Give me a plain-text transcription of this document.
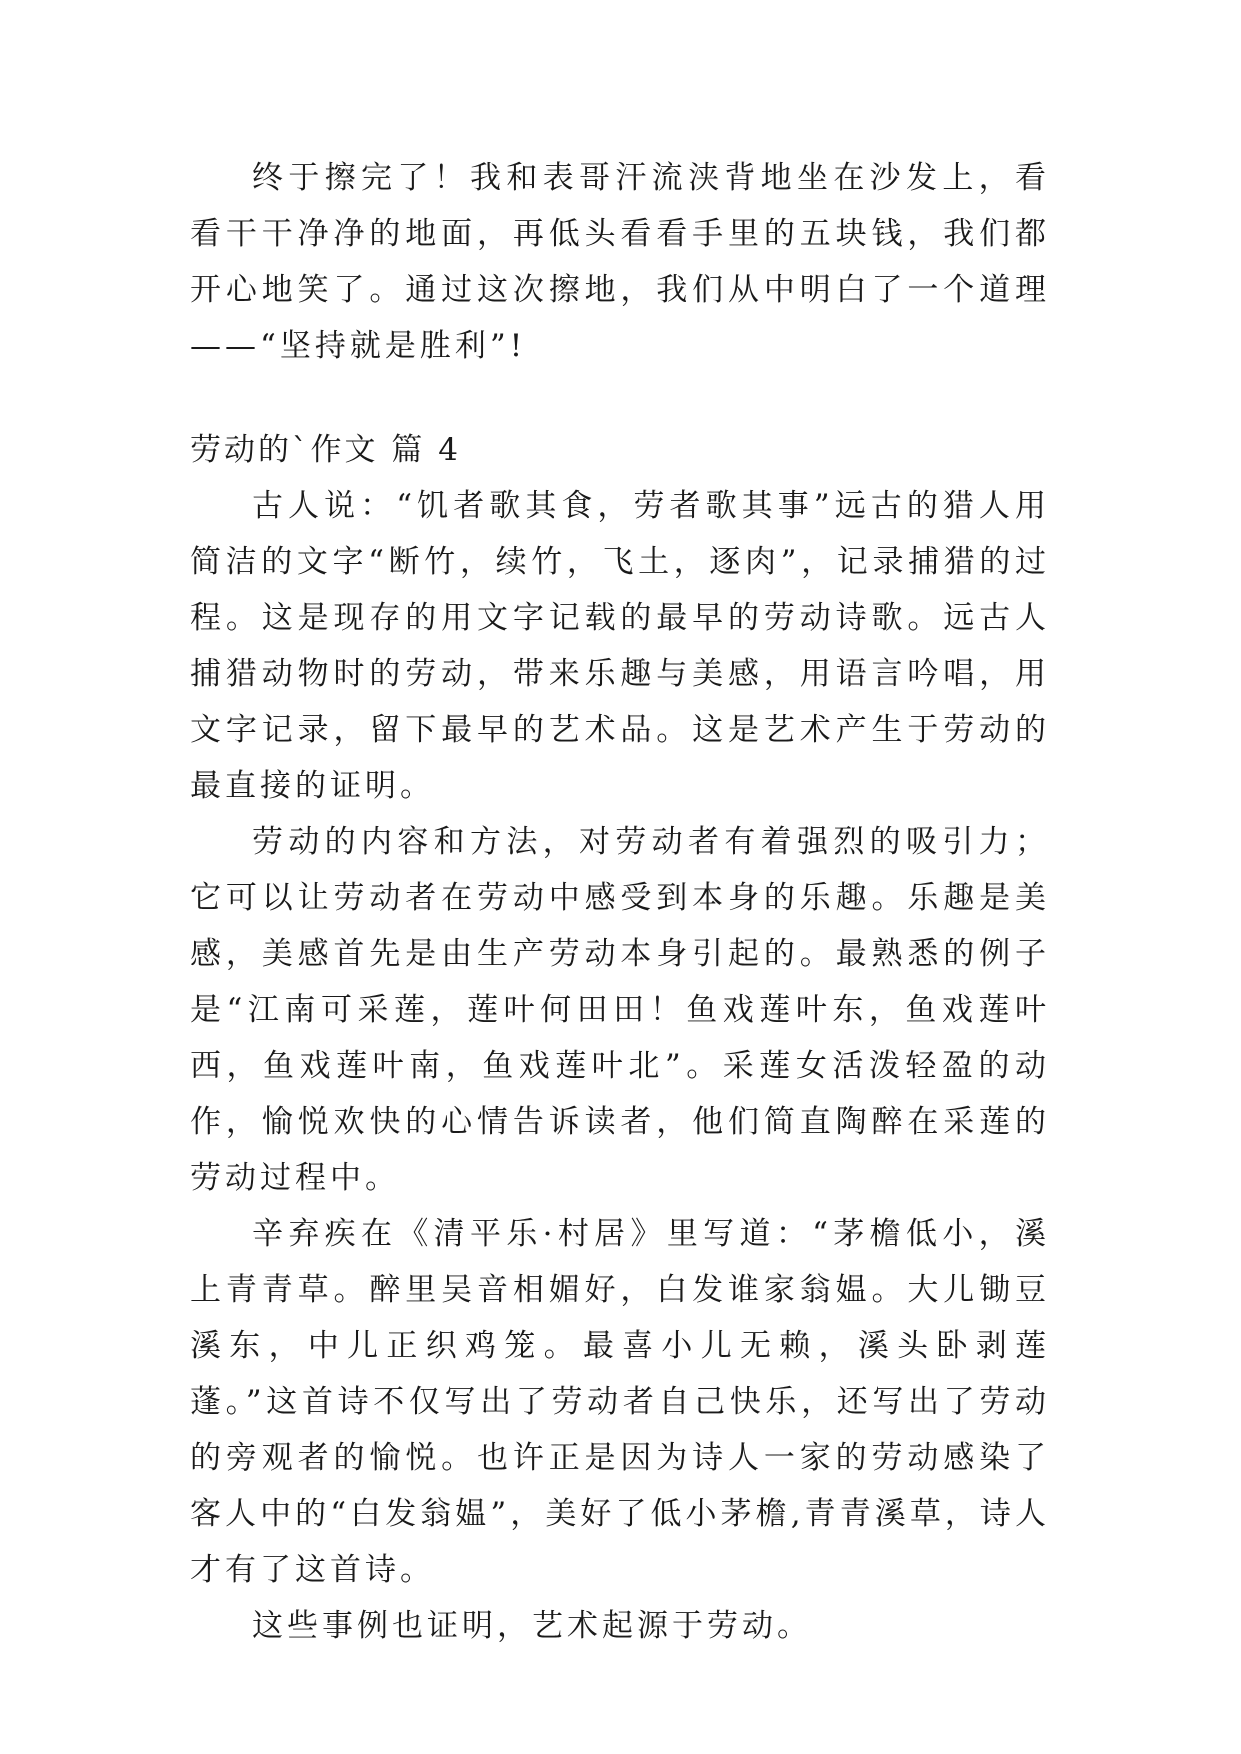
终于擦完了！我和表哥汗流浃背地坐在沙发上，看看干干净净的地面，再低头看看手里的五块钱，我们都开心地笑了。通过这次擦地，我们从中明白了一个道理——“坚持就是胜利”!

劳动的`作文 篇 4

古人说：“饥者歌其食，劳者歌其事”远古的猎人用简洁的文字“断竹，续竹，飞土，逐肉”，记录捕猎的过程。这是现存的用文字记载的最早的劳动诗歌。远古人捕猎动物时的劳动，带来乐趣与美感，用语言吟唱，用文字记录，留下最早的艺术品。这是艺术产生于劳动的最直接的证明。

劳动的内容和方法，对劳动者有着强烈的吸引力；它可以让劳动者在劳动中感受到本身的乐趣。乐趣是美感，美感首先是由生产劳动本身引起的。最熟悉的例子是“江南可采莲，莲叶何田田！鱼戏莲叶东，鱼戏莲叶西，鱼戏莲叶南，鱼戏莲叶北”。采莲女活泼轻盈的动作，愉悦欢快的心情告诉读者，他们简直陶醉在采莲的劳动过程中。

辛弃疾在《清平乐·村居》里写道：“茅檐低小，溪上青青草。醉里吴音相媚好，白发谁家翁媪。大儿锄豆溪东，中儿正织鸡笼。最喜小儿无赖，溪头卧剥莲蓬。”这首诗不仅写出了劳动者自己快乐，还写出了劳动的旁观者的愉悦。也许正是因为诗人一家的劳动感染了客人中的“白发翁媪”，美好了低小茅檐,青青溪草，诗人才有了这首诗。

这些事例也证明，艺术起源于劳动。
